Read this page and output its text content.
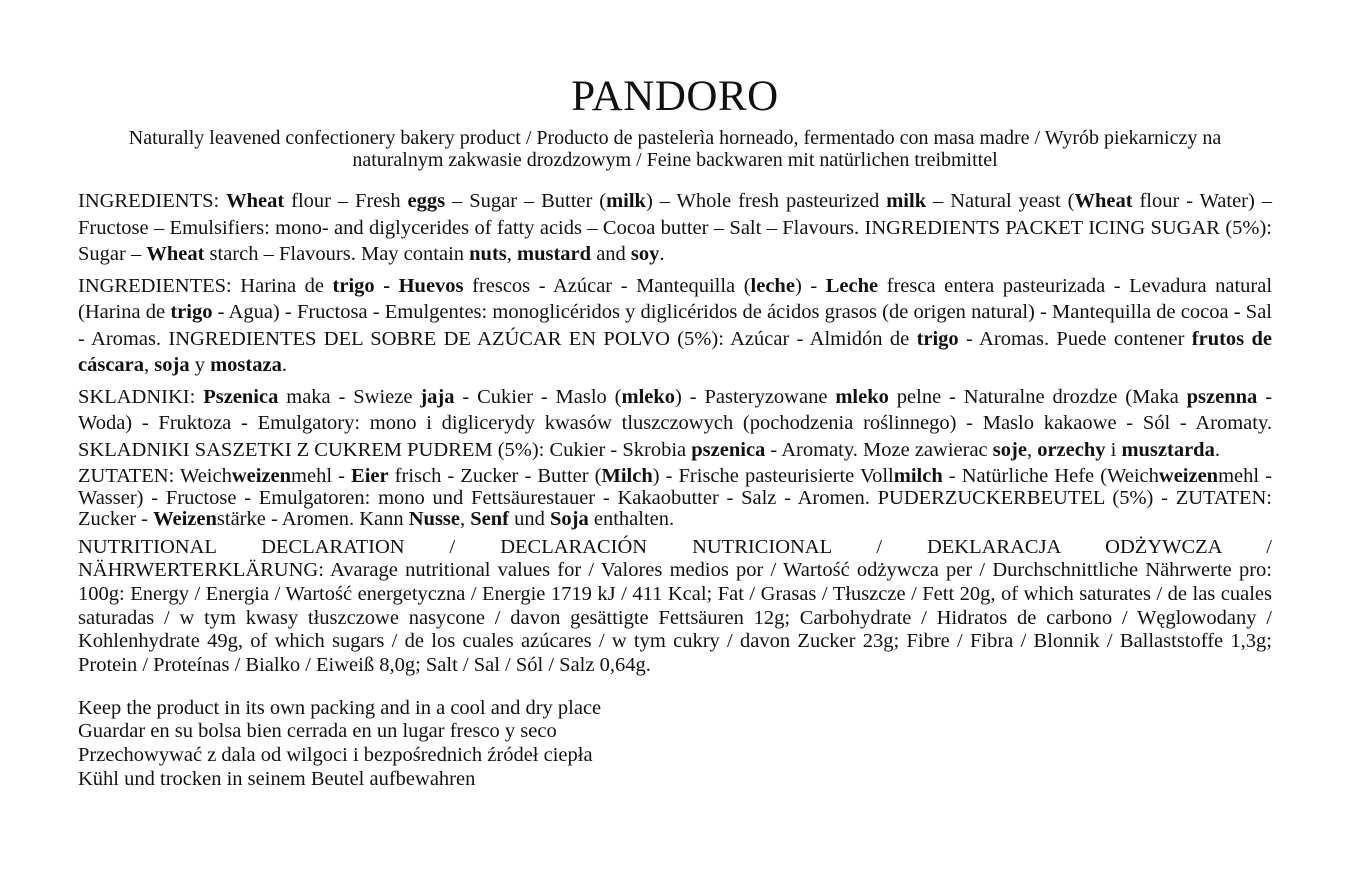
PANDORO
Naturally leavened confectionery bakery product / Producto de pastelerìa horneado, fermentado con masa madre / Wyrób piekarniczy na naturalnym zakwasie drozdzowym / Feine backwaren mit natürlichen treibmittel

INGREDIENTS: Wheat flour – Fresh eggs – Sugar – Butter (milk) – Whole fresh pasteurized milk – Natural yeast (Wheat flour - Water) – Fructose – Emulsifiers: mono- and diglycerides of fatty acids – Cocoa butter – Salt – Flavours. INGREDIENTS PACKET ICING SUGAR (5%): Sugar – Wheat starch – Flavours. May contain nuts, mustard and soy.

INGREDIENTES: Harina de trigo - Huevos frescos - Azúcar - Mantequilla (leche) - Leche fresca entera pasteurizada - Levadura natural (Harina de trigo - Agua) - Fructosa - Emulgentes: monoglicéridos y diglicéridos de ácidos grasos (de origen natural) - Mantequilla de cocoa - Sal - Aromas. INGREDIENTES DEL SOBRE DE AZÚCAR EN POLVO (5%): Azúcar - Almidón de trigo - Aromas. Puede contener frutos de cáscara, soja y mostaza.

SKLADNIKI: Pszenica maka - Swieze jaja - Cukier - Maslo (mleko) - Pasteryzowane mleko pelne - Naturalne drozdze (Maka pszenna - Woda) - Fruktoza - Emulgatory: mono i diglicerydy kwasów tluszczowych (pochodzenia roślinnego) - Maslo kakaowe - Sól - Aromaty. SKLADNIKI SASZETKI Z CUKREM PUDREM (5%): Cukier - Skrobia pszenica - Aromaty. Moze zawierac soje, orzechy i musztarda.

ZUTATEN: Weichweizenmehl - Eier frisch - Zucker - Butter (Milch) - Frische pasteurisierte Vollmilch - Natürliche Hefe (Weichweizenmehl - Wasser) - Fructose - Emulgatoren: mono und Fettsäurestauer - Kakaobutter - Salz - Aromen. PUDERZUCKERBEUTEL (5%) - ZUTATEN: Zucker - Weizenstärke - Aromen. Kann Nusse, Senf und Soja enthalten.

NUTRITIONAL DECLARATION / DECLARACIÓN NUTRICIONAL / DEKLARACJA ODŻYWCZA /
NÄHRWERTERKLÄRUNG: Avarage nutritional values for / Valores medios por / Wartość odżywcza per / Durchschnittliche Nährwerte pro: 100g: Energy / Energia / Wartość energetyczna / Energie 1719 kJ / 411 Kcal; Fat / Grasas / Tłuszcze / Fett 20g, of which saturates / de las cuales saturadas / w tym kwasy tłuszczowe nasycone / davon gesättigte Fettsäuren 12g; Carbohydrate / Hidratos de carbono / Węglowodany / Kohlenhydrate 49g, of which sugars / de los cuales azúcares / w tym cukry / davon Zucker 23g; Fibre / Fibra / Blonnik / Ballaststoffe 1,3g; Protein / Proteínas / Bialko / Eiweiß 8,0g; Salt / Sal / Sól / Salz 0,64g.
Keep the product in its own packing and in a cool and dry place
Guardar en su bolsa bien cerrada en un lugar fresco y seco
Przechowywać z dala od wilgoci i bezpośrednich źródeł ciepła
Kühl und trocken in seinem Beutel aufbewahren
